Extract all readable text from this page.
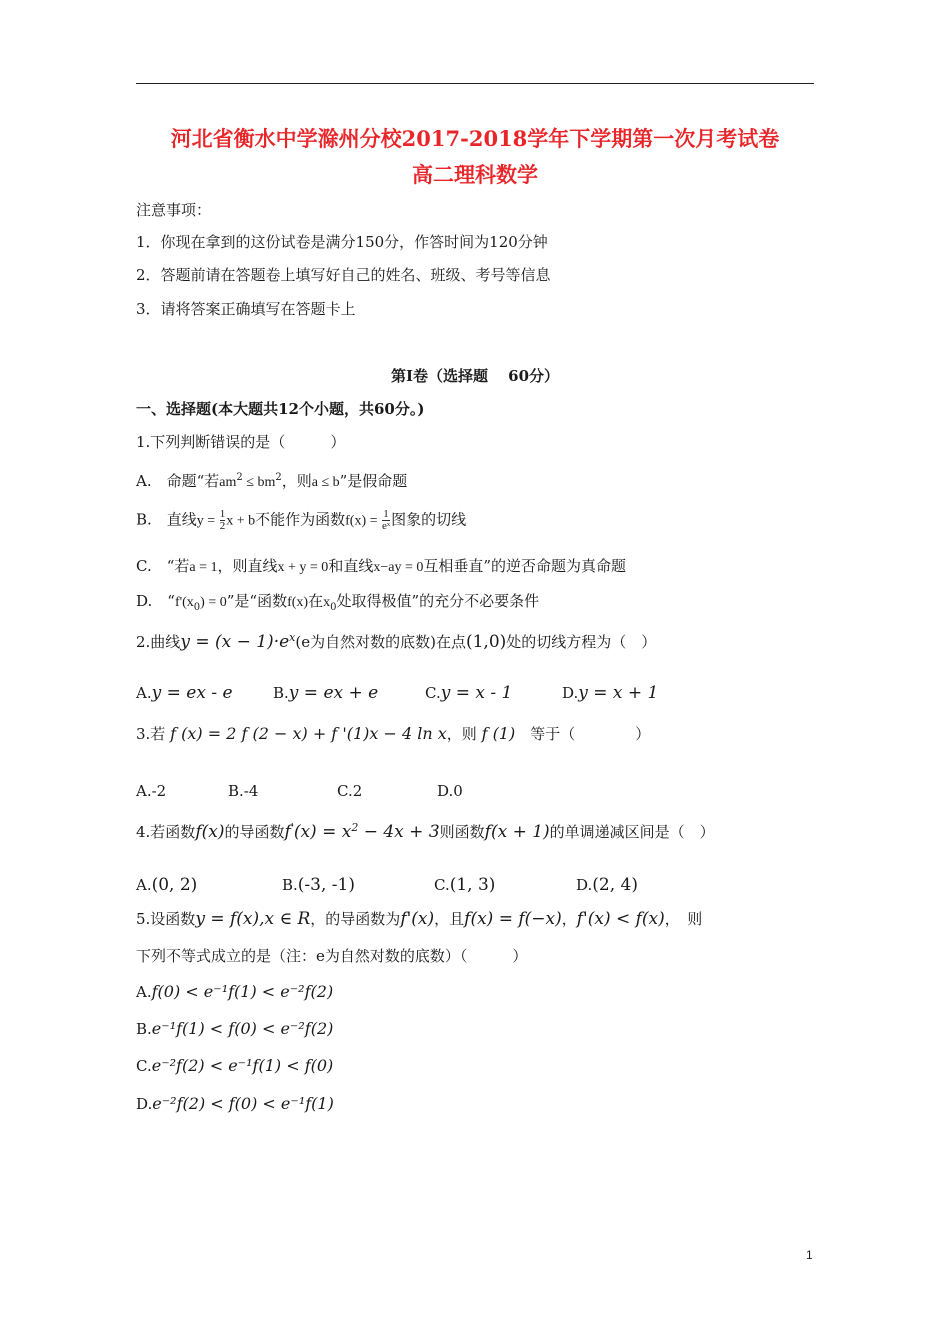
河北省衡水中学滁州分校2017-2018学年下学期第一次月考试卷
高二理科数学
注意事项：
1．你现在拿到的这份试卷是满分150分，作答时间为120分钟
2．答题前请在答题卷上填写好自己的姓名、班级、考号等信息
3．请将答案正确填写在答题卡上
第Ⅰ卷（选择题　 60分）
一、选择题(本大题共12个小题，共60分。)
1.下列判断错误的是（　　　）
A.　命题“若$am^2 \le bm^2$，则a ≤ b”是假命题
B.　直线$y = \frac{1}{2}$ x + b不能作为函数$f(x) = \frac{1}{\text{eˣ}}$ 图象的切线
C.　“若a = 1，则直线x + y = 0和直线x−ay = 0互相垂直”的逆否命题为真命题
D.　“$f'(x_0) = 0$”是“函数f(x)在$x_0$处取得极值”的充分不必要条件
2.曲线$y = (x - 1)\cdot e^x(e$为自然对数的底数)在点(1,0)处的切线方程为（　）
A.y = ex - e	B.y = ex + e	C.y = x - 1	D.y = x + 1
3.若 f (x) = 2 f (2 − x) + f '(1)x − 4 ln x，则 f (1)　 等于（　　　　）
A.-2	B.-4	C.2	D.0
4.若函数f(x)的导函数$f'(x) = x^2 - 4x + 3$则函数f(x + 1)的单调递减区间是（　）
A.(0, 2)	B.(-3, -1)	C.(1, 3)	D.(2, 4)
5.设函数y = f(x),x ∈ R，的导函数为f'(x)，且f(x) = f(−x)，f'(x) < f(x)，　则
下列不等式成立的是（注：e为自然对数的底数）（　　　）
A.f(0) < e⁻¹f(1) < e⁻²f(2)
B.e⁻¹f(1) < f(0) < e⁻²f(2)
C.e⁻²f(2) < e⁻¹f(1) < f(0)
D.e⁻²f(2) < f(0) < e⁻¹f(1)
1
